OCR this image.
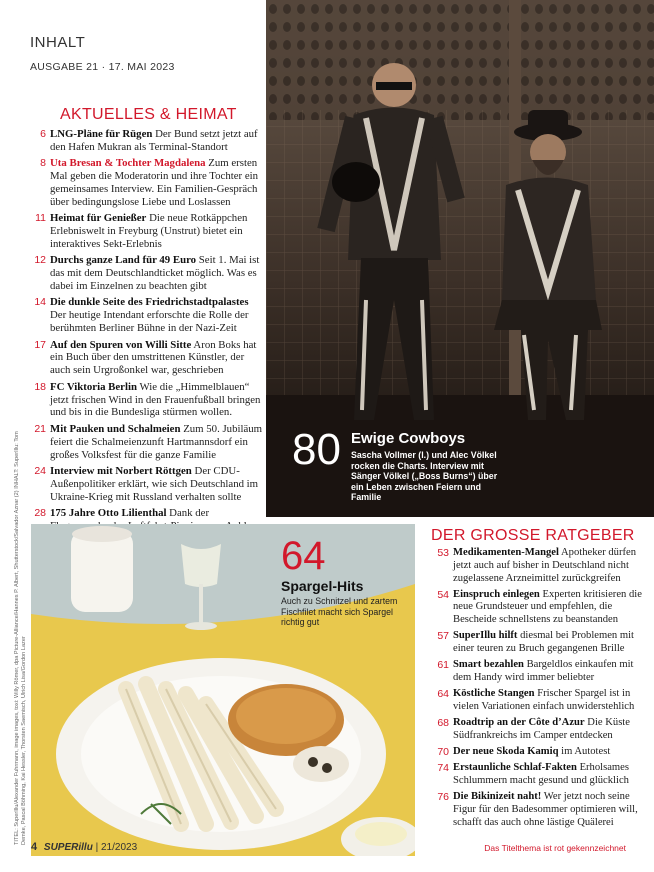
INHALT
AUSGABE 21 · 17. MAI 2023
AKTUELLES & HEIMAT
6 LNG-Pläne für Rügen Der Bund setzt jetzt auf den Hafen Mukran als Terminal-Standort
8 Uta Bresan & Tochter Magdalena Zum ersten Mal geben die Moderatorin und ihre Tochter ein gemeinsames Interview. Ein Familien-Gespräch über bedingungslose Liebe und Loslassen
11 Heimat für Genießer Die neue Rotkäppchen Erlebniswelt in Freyburg (Unstrut) bietet ein interaktives Sekt-Erlebnis
12 Durchs ganze Land für 49 Euro Seit 1. Mai ist das mit dem Deutschlandticket möglich. Was es dabei im Einzelnen zu beachten gibt
14 Die dunkle Seite des Friedrichstadtpalastes Der heutige Intendant erforschte die Rolle der berühmten Berliner Bühne in der Nazi-Zeit
17 Auf den Spuren von Willi Sitte Aron Boks hat ein Buch über den umstrittenen Künstler, der auch sein Urgroßonkel war, geschrieben
18 FC Viktoria Berlin Wie die „Himmelblauen“ jetzt frischen Wind in den Frauenfußball bringen und bis in die Bundesliga stürmen wollen.
21 Mit Pauken und Schalmeien Zum 50. Jubiläum feiert die Schalmeienzunft Hartmannsdorf ein großes Volksfest für die ganze Familie
24 Interview mit Norbert Röttgen Der CDU-Außenpolitiker erklärt, wie sich Deutschland im Ukraine-Krieg mit Russland verhalten sollte
28 175 Jahre Otto Lilienthal Dank der
80 Ewige Cowboys
Sascha Vollmer (l.) und Alec Völkel rocken die Charts. Interview mit Sänger Völkel („Boss Burns“) über ein Leben zwischen Feiern und Familie
64
Spargel-Hits
Auch zu Schnitzel und zartem Fischfilet macht sich Spargel richtig gut
DER GROSSE RATGEBER
53 Medikamenten-Mangel Apotheker dürfen jetzt auch auf bisher in Deutschland nicht zugelassene Arzneimittel zurückgreifen
54 Einspruch einlegen Experten kritisieren die neue Grundsteuer und empfehlen, die Bescheide schnellstens zu beanstanden
57 SuperIllu hilft diesmal bei Problemen mit einer teuren zu Bruch gegangenen Brille
61 Smart bezahlen Bargeldlos einkaufen mit dem Handy wird immer beliebter
64 Köstliche Stangen Frischer Spargel ist in vielen Variationen einfach unwiderstehlich
68 Roadtrip an der Côte d’Azur Die Küste Südfrankreichs im Camper entdecken
70 Der neue Skoda Kamiq im Autotest
74 Erstaunliche Schlaf-Fakten Erholsames Schlummern macht gesund und glücklich
76 Die Bikinizeit naht! Wer jetzt noch seine Figur für den Badesommer optimieren will, schafft das auch ohne lästige Quälerei
TITEL: SuperIllu/Alexander Fuhrmann, image images, toxi: Willy Römer, dpa Picture-Alliance/Hannes P. Albert, Shutterstock/Salvador Aznar (2) INHALT: SuperIllu: Tom Demke, Pascal Böhming, Kai Hessler, Thorsten Saemisch, Ulrich Lisa/Gordon Lazer
4 SUPERillu | 21/2023	Das Titelthema ist rot gekennzeichnet
